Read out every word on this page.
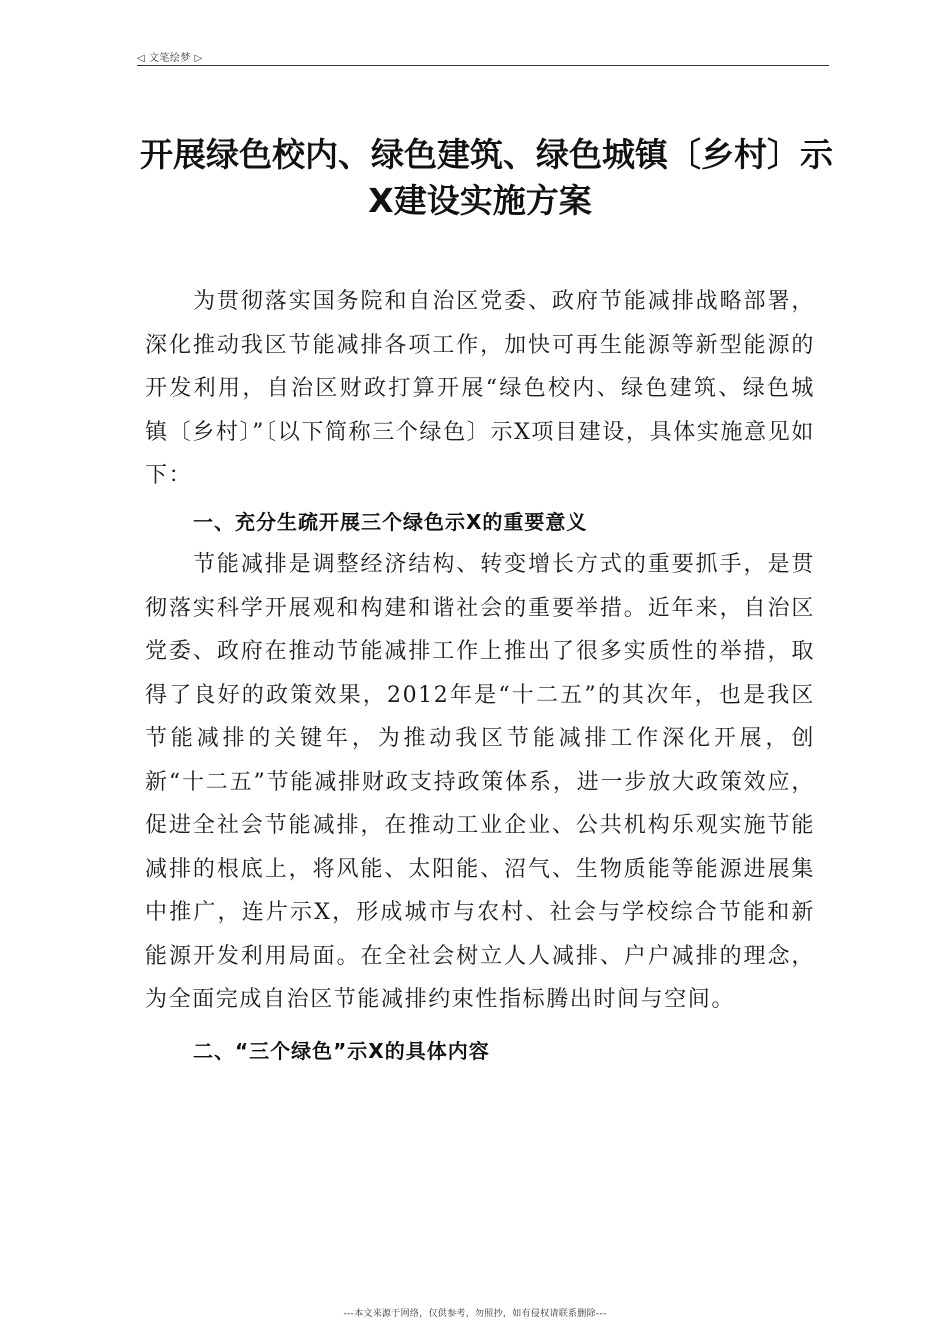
◁ 文笔绘梦 ▷
开展绿色校内、绿色建筑、绿色城镇〔乡村〕示
X建设实施方案

为贯彻落实国务院和自治区党委、政府节能减排战略部署，深化推动我区节能减排各项工作，加快可再生能源等新型能源的开发利用，自治区财政打算开展“绿色校内、绿色建筑、绿色城镇〔乡村〕”〔以下简称三个绿色〕示X项目建设，具体实施意见如下：

一、充分生疏开展三个绿色示X的重要意义

节能减排是调整经济结构、转变增长方式的重要抓手，是贯彻落实科学开展观和构建和谐社会的重要举措。近年来，自治区党委、政府在推动节能减排工作上推出了很多实质性的举措，取得了良好的政策效果，2012年是“十二五”的其次年，也是我区节能减排的关键年，为推动我区节能减排工作深化开展，创新“十二五”节能减排财政支持政策体系，进一步放大政策效应，促进全社会节能减排，在推动工业企业、公共机构乐观实施节能减排的根底上，将风能、太阳能、沼气、生物质能等能源进展集中推广，连片示X，形成城市与农村、社会与学校综合节能和新能源开发利用局面。在全社会树立人人减排、户户减排的理念，为全面完成自治区节能减排约束性指标腾出时间与空间。

二、“三个绿色”示X的具体内容
---本文来源于网络，仅供参考，勿照抄，如有侵权请联系删除---
